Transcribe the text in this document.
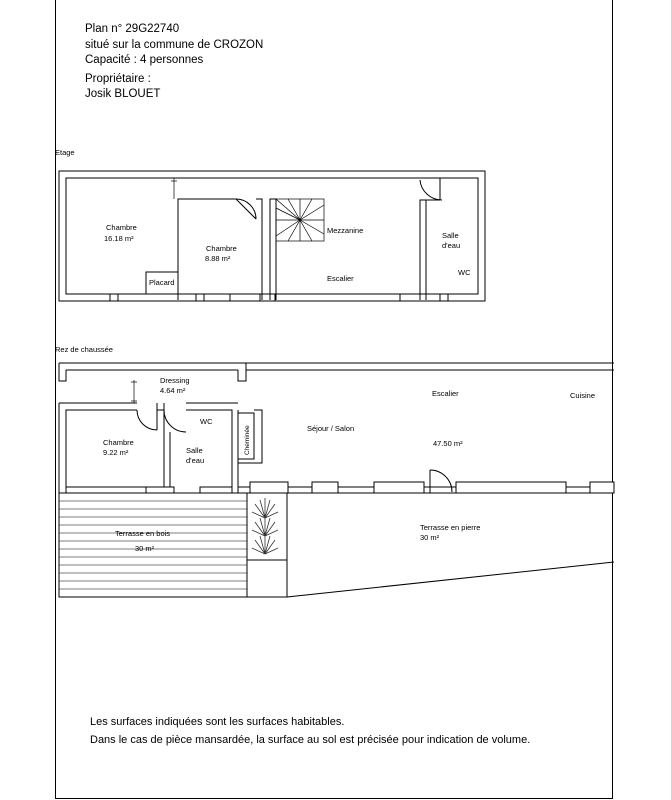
Plan n° 29G22740
situé sur la commune de CROZON
Capacité : 4 personnes
Propriétaire :
Josik BLOUET
Etage
Rez de chaussée
Chambre
16.18 m²
Placard
Chambre
8.88 m²
Mezzanine
Escalier
Salle
d'eau
WC
Dressing
4.64 m²
WC
Chambre
9.22 m²	Salle
d'eau
Cheminée	Séjour / Salon
Escalier	Cuisine
47.50 m²
Terrasse en bois
30 m²
Terrasse en pierre
30 m²
Les surfaces indiquées sont les surfaces habitables.
Dans le cas de pièce mansardée, la surface au sol est précisée pour indication de volume.
